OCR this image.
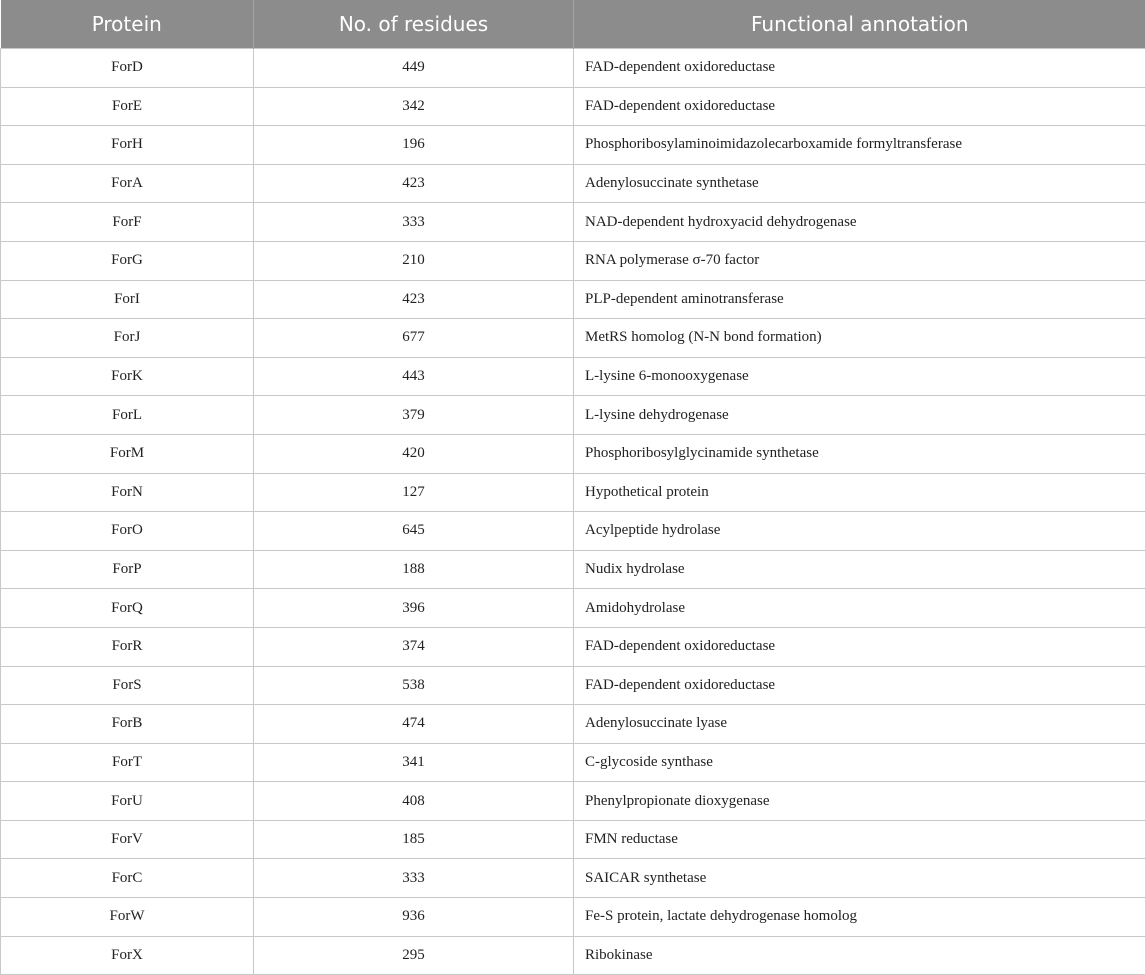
Protein	No. of residues	Functional annotation
ForD	449	FAD-dependent oxidoreductase
ForE	342	FAD-dependent oxidoreductase
ForH	196	Phosphoribosylaminoimidazolecarboxamide formyltransferase
ForA	423	Adenylosuccinate synthetase
ForF	333	NAD-dependent hydroxyacid dehydrogenase
ForG	210	RNA polymerase σ-70 factor
ForI	423	PLP-dependent aminotransferase
ForJ	677	MetRS homolog (N-N bond formation)
ForK	443	L-lysine 6-monooxygenase
ForL	379	L-lysine dehydrogenase
ForM	420	Phosphoribosylglycinamide synthetase
ForN	127	Hypothetical protein
ForO	645	Acylpeptide hydrolase
ForP	188	Nudix hydrolase
ForQ	396	Amidohydrolase
ForR	374	FAD-dependent oxidoreductase
ForS	538	FAD-dependent oxidoreductase
ForB	474	Adenylosuccinate lyase
ForT	341	C-glycoside synthase
ForU	408	Phenylpropionate dioxygenase
ForV	185	FMN reductase
ForC	333	SAICAR synthetase
ForW	936	Fe-S protein, lactate dehydrogenase homolog
ForX	295	Ribokinase
